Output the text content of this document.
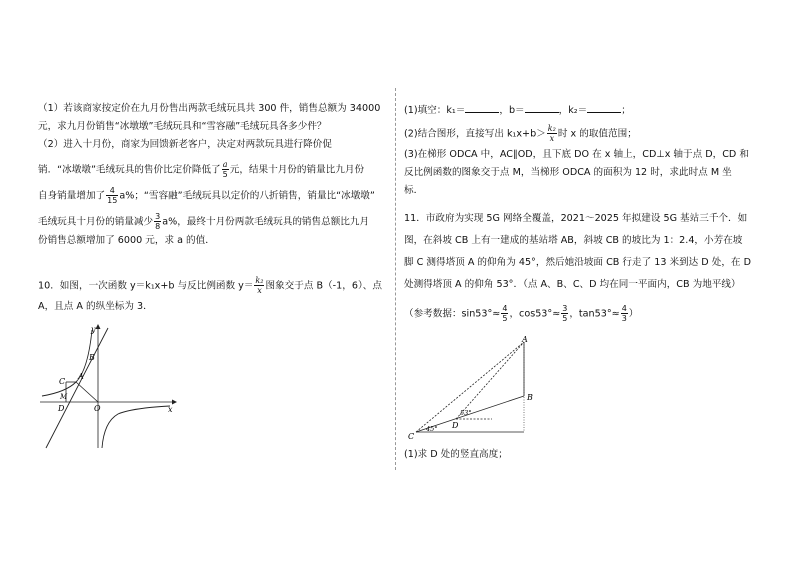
（1）若该商家按定价在九月份售出两款毛绒玩具共 300 件，销售总额为 34000
元，求九月份销售“冰墩墩”毛绒玩具和“雪容融”毛绒玩具各多少件？
（2）进入十月份，商家为回馈新老客户，决定对两款玩具进行降价促
销．“冰墩墩”毛绒玩具的售价比定价降低了 $\frac{a}{5}$ 元，结果十月份的销量比九月份
自身销量增加了 $\frac{4}{15} a\%$；“雪容融”毛绒玩具以定价的八折销售，销量比“冰墩墩”
毛绒玩具十月份的销量减少 $\frac{3}{8} a\%$，最终十月份两款毛绒玩具的销售总额比九月
份销售总额增加了 6000 元，求 a 的值．
10．如图，一次函数 y＝k₁x+b 与反比例函数 $y= \frac{\text{k₂}}{x}$ 图象交于点 B（-1，6）、点
A，且点 A 的纵坐标为 3．
y
B
C
A
D
M
O	x
(1)填空：k₁＝	，b＝	，k₂＝	；
(2)结合图形，直接写出 $k_1x+b> \frac{\text{k₂}}{x}$ 时 x 的取值范围；
(3)在梯形 ODCA 中，AC∥OD，且下底 DO 在 x 轴上，CD⊥x 轴于点 D，CD 和
反比例函数的图象交于点 M，当梯形 ODCA 的面积为 12 时，求此时点 M 坐
标．
11．市政府为实现 5G 网络全覆盖，2021～2025 年拟建设 5G 基站三千个．如
图，在斜坡 CB 上有一建成的基站塔 AB，斜坡 CB 的坡比为 1：2.4，小芳在坡
脚 C 测得塔顶 A 的仰角为 45°，然后她沿坡面 CB 行走了 13 米到达 D 处，在 D
处测得塔顶 A 的仰角 53°．（点 A、B、C、D 均在同一平面内，CB 为地平线）
（参考数据：$\sin 53^\circ\approx \frac{4}{5}$ ，$\cos 53^\circ\approx \frac{3}{5}$ ，$\tan 53^\circ\approx \frac{4}{3}$ ）
(1)求 D 处的竖直高度；
A
B
53°
D
45°
C
